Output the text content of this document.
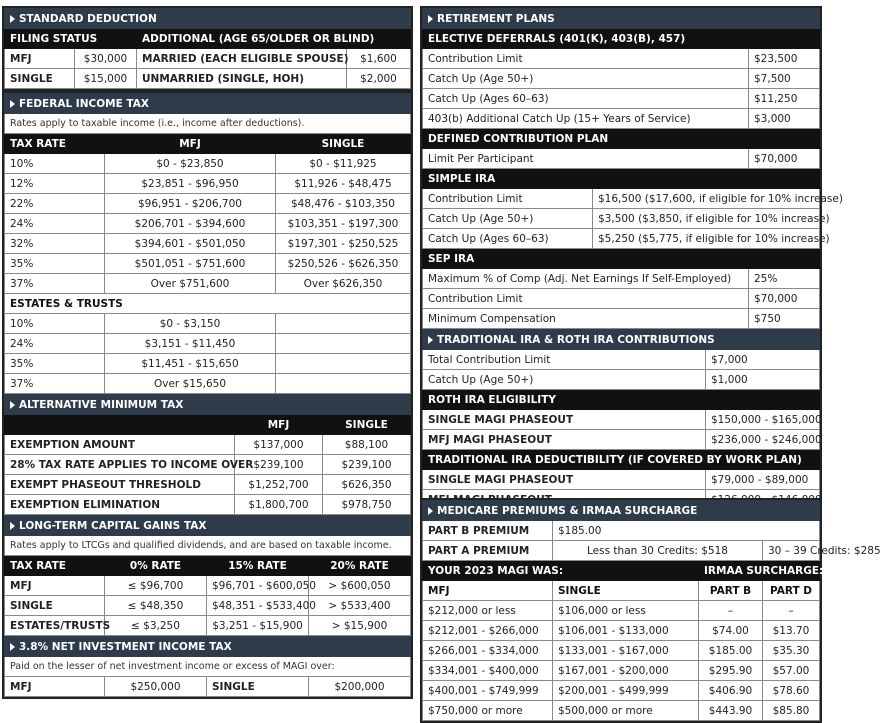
STANDARD DEDUCTION			
FILING STATUS		ADDITIONAL (AGE 65/OLDER OR BLIND)	
MFJ	$30,000	MARRIED (EACH ELIGIBLE SPOUSE)	$1,600
SINGLE	$15,000	UNMARRIED (SINGLE, HOH)	$2,000
FEDERAL INCOME TAX		
Rates apply to taxable income (i.e., income after deductions).		
TAX RATE	MFJ	SINGLE
10%	$0 - $23,850	$0 - $11,925
12%	$23,851 - $96,950	$11,926 - $48,475
22%	$96,951 - $206,700	$48,476 - $103,350
24%	$206,701 - $394,600	$103,351 - $197,300
32%	$394,601 - $501,050	$197,301 - $250,525
35%	$501,051 - $751,600	$250,526 - $626,350
37%	Over $751,600	Over $626,350
ESTATES & TRUSTS		
10%	$0 - $3,150	
24%	$3,151 - $11,450	
35%	$11,451 - $15,650	
37%	Over $15,650	
ALTERNATIVE MINIMUM TAX		
	MFJ	SINGLE
EXEMPTION AMOUNT	$137,000	$88,100
28% TAX RATE APPLIES TO INCOME OVER	$239,100	$239,100
EXEMPT PHASEOUT THRESHOLD	$1,252,700	$626,350
EXEMPTION ELIMINATION	$1,800,700	$978,750
LONG-TERM CAPITAL GAINS TAX			
Rates apply to LTCGs and qualified dividends, and are based on taxable income.			
TAX RATE	0% RATE	15% RATE	20% RATE
MFJ	≤ $96,700	$96,701 - $600,050	> $600,050
SINGLE	≤ $48,350	$48,351 - $533,400	> $533,400
ESTATES/TRUSTS	≤ $3,250	$3,251 - $15,900	> $15,900
3.8% NET INVESTMENT INCOME TAX
Paid on the lesser of net investment income or excess of MAGI over:
MFJ	$250,000	SINGLE	$200,000
RETIREMENT PLANS		
ELECTIVE DEFERRALS (401(K), 403(B), 457)		
Contribution Limit		$23,500
Catch Up (Age 50+)		$7,500
Catch Up (Ages 60–63)		$11,250
403(b) Additional Catch Up (15+ Years of Service)		$3,000
DEFINED CONTRIBUTION PLAN		
Limit Per Participant		$70,000
SIMPLE IRA		
Contribution Limit	$16,500 ($17,600, if eligible for 10% increase)	
Catch Up (Age 50+)	$3,500 ($3,850, if eligible for 10% increase)	
Catch Up (Ages 60–63)	$5,250 ($5,775, if eligible for 10% increase)	
SEP IRA		
Maximum % of Comp (Adj. Net Earnings If Self-Employed)		25%
Contribution Limit		$70,000
Minimum Compensation		$750
TRADITIONAL IRA & ROTH IRA CONTRIBUTIONS	
Total Contribution Limit	$7,000
Catch Up (Age 50+)	$1,000
ROTH IRA ELIGIBILITY	
SINGLE MAGI PHASEOUT	$150,000 - $165,000
MFJ MAGI PHASEOUT	$236,000 - $246,000
TRADITIONAL IRA DEDUCTIBILITY (IF COVERED BY WORK PLAN)	
SINGLE MAGI PHASEOUT	$79,000 - $89,000

MEDICARE PREMIUMS & IRMAA SURCHARGE			
PART B PREMIUM	$185.00		
PART A PREMIUM	Less than 30 Credits: $518		30 – 39 Credits: $285
YOUR 2023 MAGI WAS:		IRMAA SURCHARGE:	
MFJ	SINGLE	PART B	PART D
$212,000 or less	$106,000 or less	–	–
$212,001 - $266,000	$106,001 - $133,000	$74.00	$13.70
$266,001 - $334,000	$133,001 - $167,000	$185.00	$35.30
$334,001 - $400,000	$167,001 - $200,000	$295.90	$57.00
$400,001 - $749,999	$200,001 - $499,999	$406.90	$78.60
$750,000 or more	$500,000 or more	$443.90	$85.80
